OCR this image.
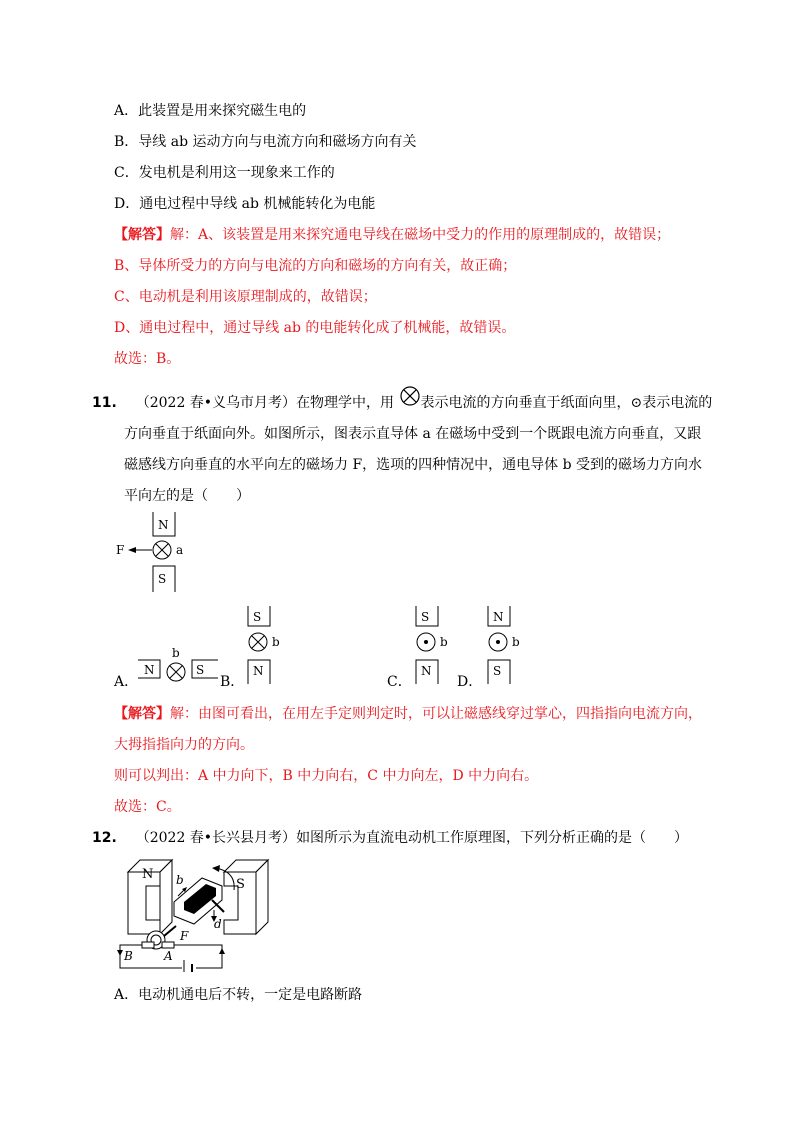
A．此装置是用来探究磁生电的
B．导线 ab 运动方向与电流方向和磁场方向有关
C．发电机是利用这一现象来工作的
D．通电过程中导线 ab 机械能转化为电能
【解答】解：A、该装置是用来探究通电导线在磁场中受力的作用的原理制成的，故错误；
B、导体所受力的方向与电流的方向和磁场的方向有关，故正确；
C、电动机是利用该原理制成的，故错误；
D、通电过程中，通过导线 ab 的电能转化成了机械能，故错误。
故选：B。
11. （2022 春•义乌市月考）在物理学中，用 表示电流的方向垂直于纸面向里，⊙表示电流的
方向垂直于纸面向外。如图所示，图表示直导体 a 在磁场中受到一个既跟电流方向垂直，又跟
磁感线方向垂直的水平向左的磁场力 F，选项的四种情况中，通电导体 b 受到的磁场力方向水
平向左的是（　　）
N
a
F
S
A．
N
b
S
B．
S
b
N
C．
S
b
N
D．
N
b
S
【解答】解：由图可看出，在用左手定则判定时，可以让磁感线穿过掌心，四指指向电流方向，
大拇指指向力的方向。
则可以判出：A 中力向下，B 中力向右，C 中力向左，D 中力向右。
故选：C。
12. （2022 春•长兴县月考）如图所示为直流电动机工作原理图，下列分析正确的是（　　）
N
S
b
d
F
B	A
A．电动机通电后不转，一定是电路断路
